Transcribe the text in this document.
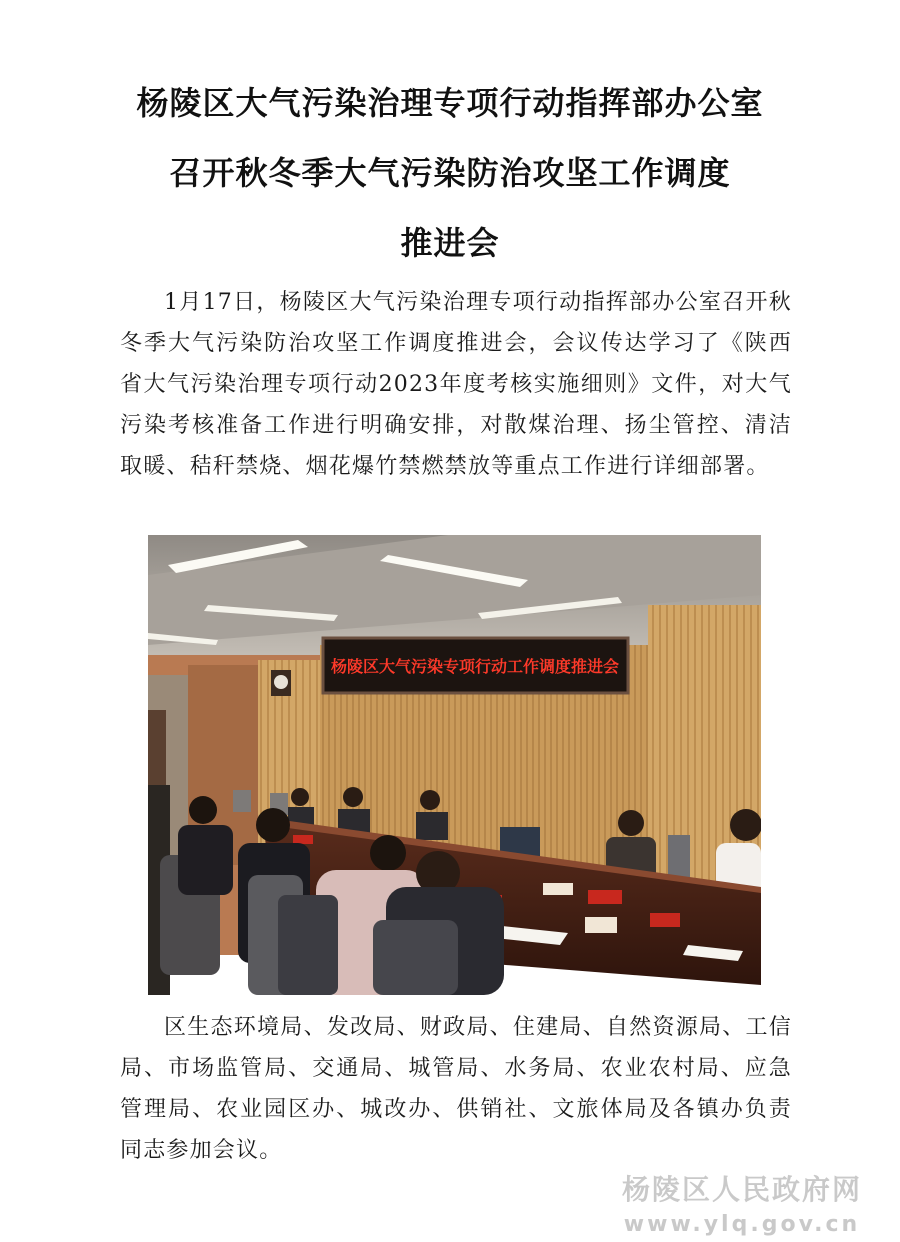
杨陵区大气污染治理专项行动指挥部办公室
召开秋冬季大气污染防治攻坚工作调度
推进会

1月17日，杨陵区大气污染治理专项行动指挥部办公室召开秋冬季大气污染防治攻坚工作调度推进会，会议传达学习了《陕西省大气污染治理专项行动2023年度考核实施细则》文件，对大气污染考核准备工作进行明确安排，对散煤治理、扬尘管控、清洁取暖、秸秆禁烧、烟花爆竹禁燃禁放等重点工作进行详细部署。

杨陵区大气污染专项行动工作调度推进会

区生态环境局、发改局、财政局、住建局、自然资源局、工信局、市场监管局、交通局、城管局、水务局、农业农村局、应急管理局、农业园区办、城改办、供销社、文旅体局及各镇办负责同志参加会议。

杨陵区人民政府网
www.ylq.gov.cn
